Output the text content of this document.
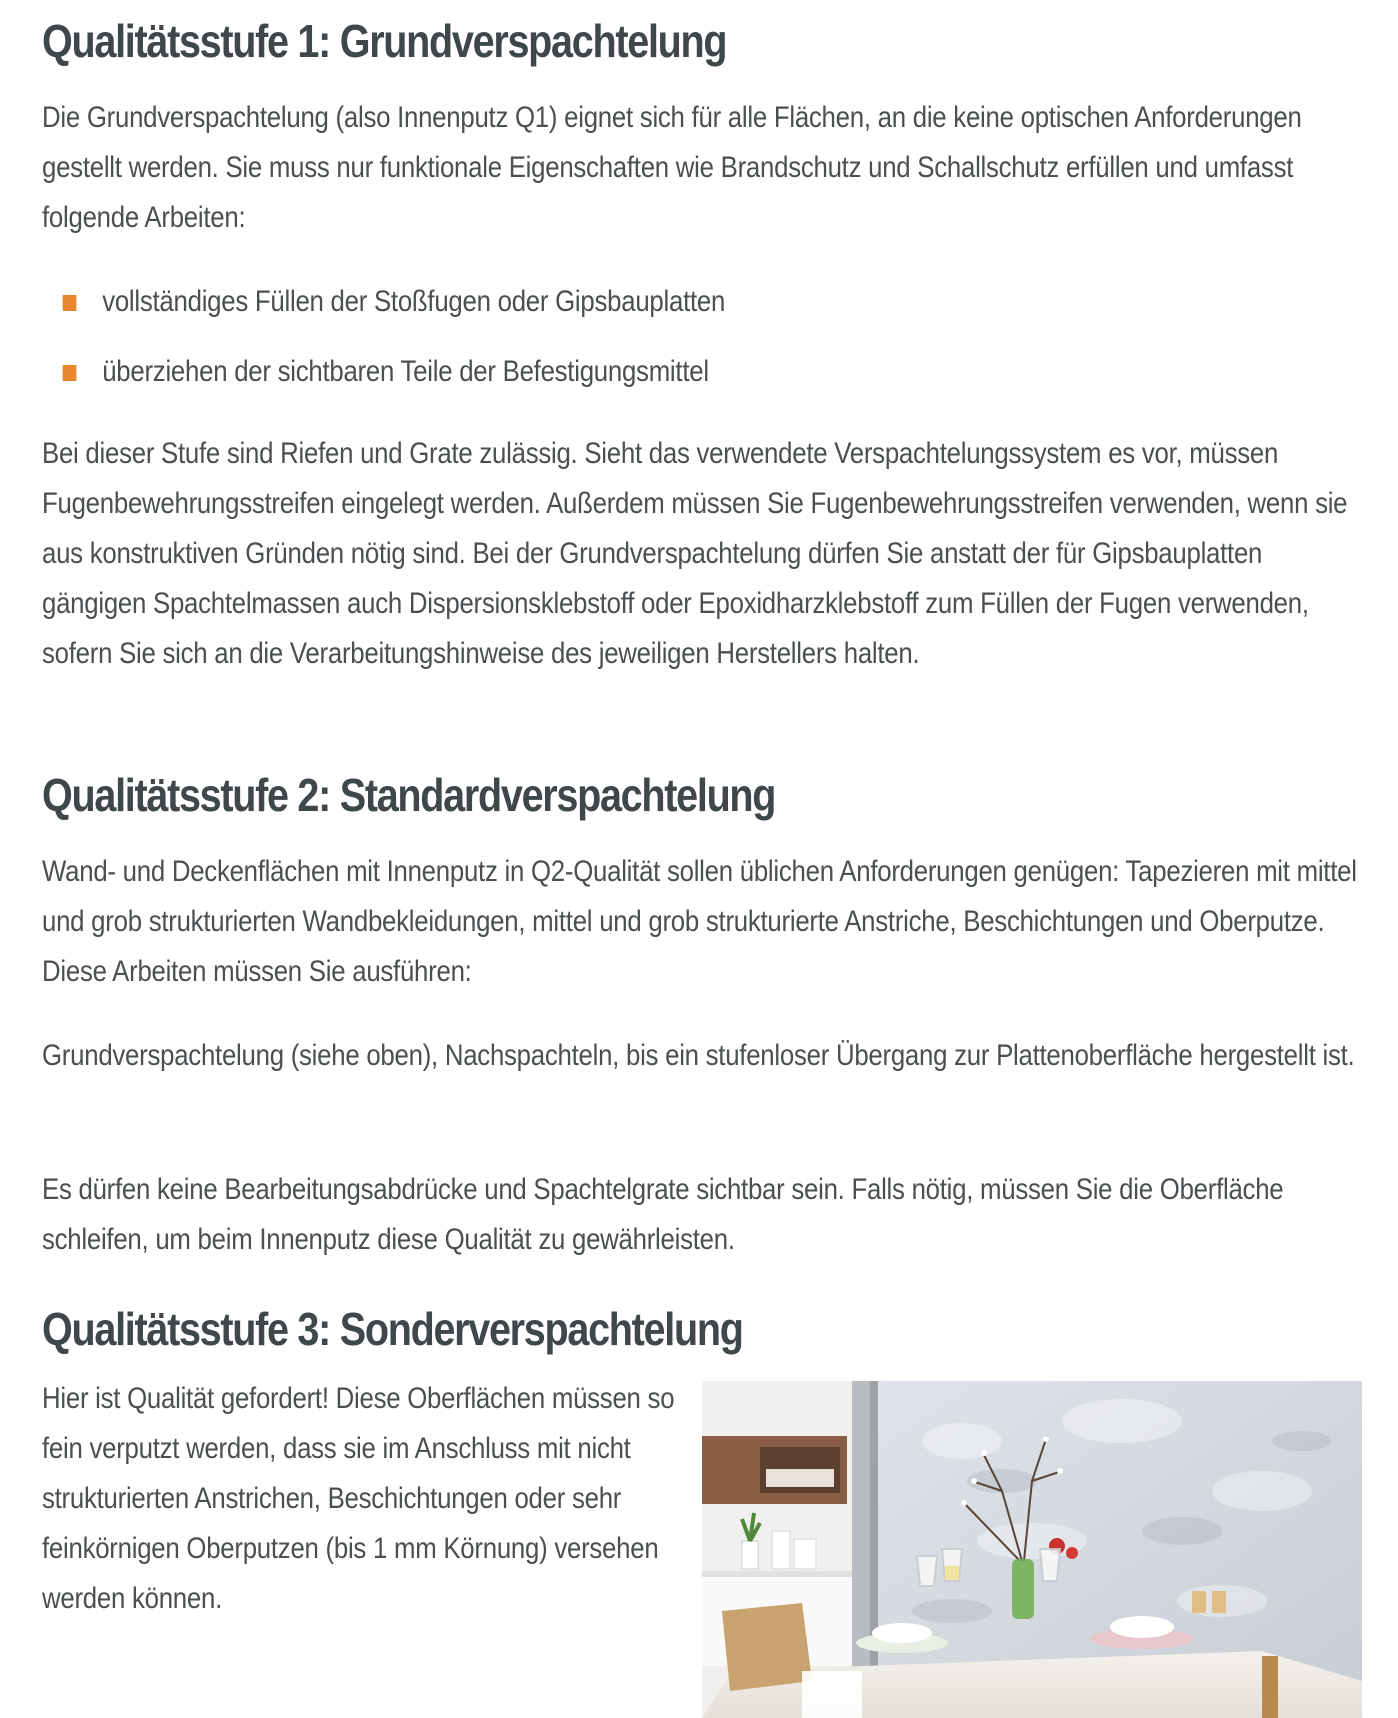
Qualitätsstufe 1: Grundverspachtelung

Die Grundverspachtelung (also Innenputz Q1) eignet sich für alle Flächen, an die keine optischen Anforderungen gestellt werden. Sie muss nur funktionale Eigenschaften wie Brandschutz und Schallschutz erfüllen und umfasst folgende Arbeiten:

vollständiges Füllen der Stoßfugen oder Gipsbauplatten
überziehen der sichtbaren Teile der Befestigungsmittel

Bei dieser Stufe sind Riefen und Grate zulässig. Sieht das verwendete Verspachtelungssystem es vor, müssen Fugenbewehrungsstreifen eingelegt werden. Außerdem müssen Sie Fugenbewehrungsstreifen verwenden, wenn sie aus konstruktiven Gründen nötig sind. Bei der Grundverspachtelung dürfen Sie anstatt der für Gipsbauplatten gängigen Spachtelmassen auch Dispersionsklebstoff oder Epoxidharzklebstoff zum Füllen der Fugen verwenden, sofern Sie sich an die Verarbeitungshinweise des jeweiligen Herstellers halten.

Qualitätsstufe 2: Standardverspachtelung

Wand- und Deckenflächen mit Innenputz in Q2-Qualität sollen üblichen Anforderungen genügen: Tapezieren mit mittel und grob strukturierten Wandbekleidungen, mittel und grob strukturierte Anstriche, Beschichtungen und Oberputze. Diese Arbeiten müssen Sie ausführen:

Grundverspachtelung (siehe oben), Nachspachteln, bis ein stufenloser Übergang zur Plattenoberfläche hergestellt ist.

Es dürfen keine Bearbeitungsabdrücke und Spachtelgrate sichtbar sein. Falls nötig, müssen Sie die Oberfläche schleifen, um beim Innenputz diese Qualität zu gewährleisten.

Qualitätsstufe 3: Sonderverspachtelung

Hier ist Qualität gefordert! Diese Oberflächen müssen so fein verputzt werden, dass sie im Anschluss mit nicht strukturierten Anstrichen, Beschichtungen oder sehr feinkörnigen Oberputzen (bis 1 mm Körnung) versehen werden können.
